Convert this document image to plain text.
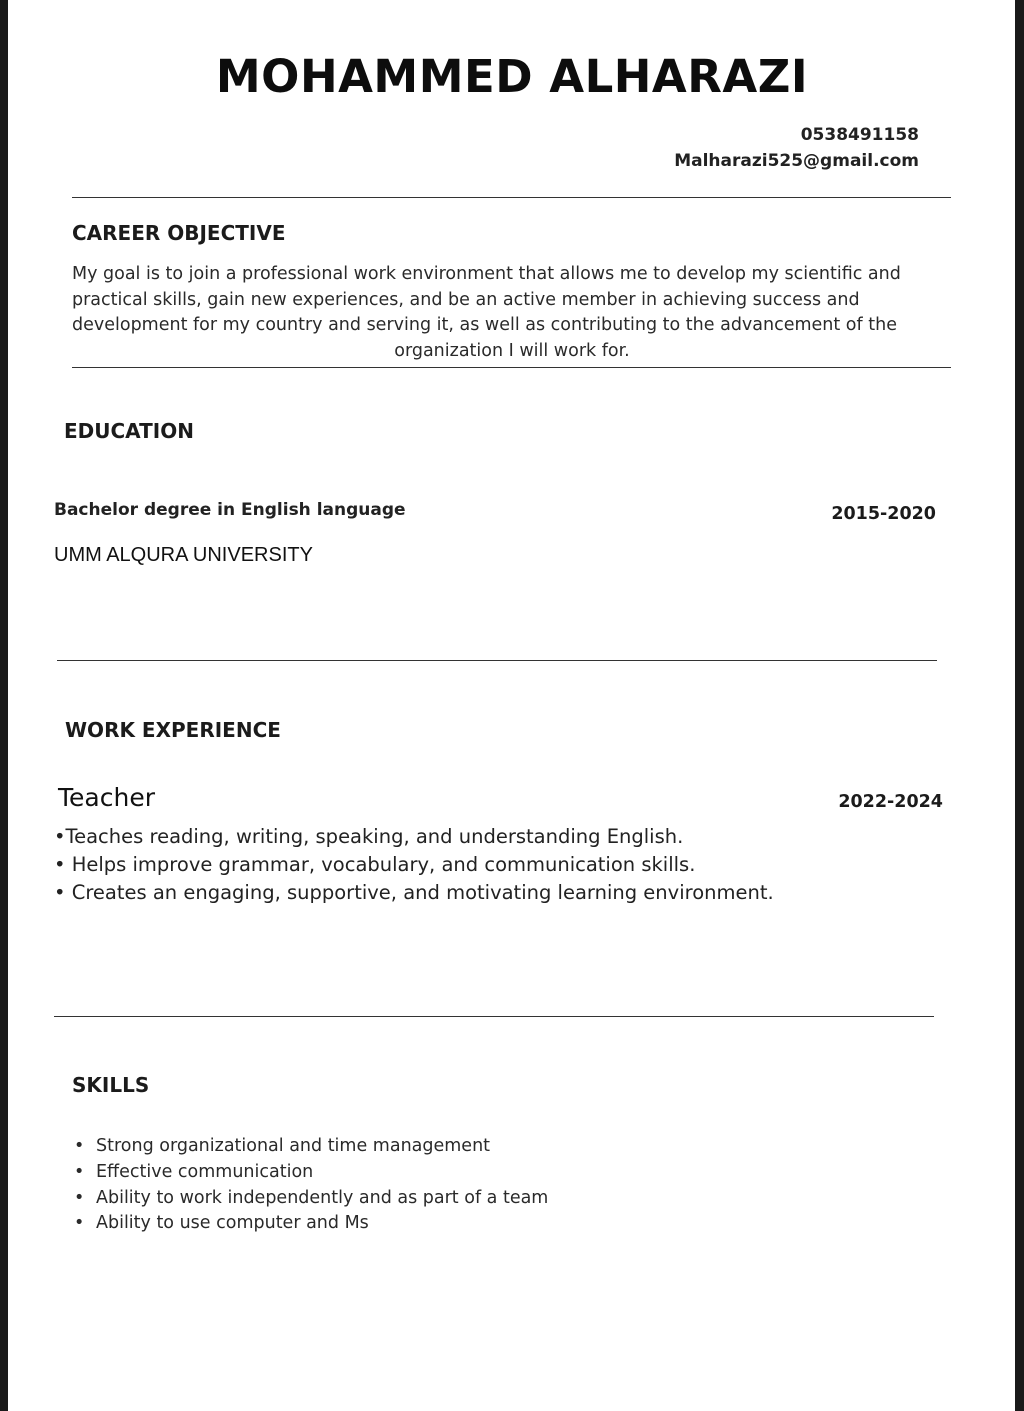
MOHAMMED ALHARAZI
0538491158
Malharazi525@gmail.com
CAREER OBJECTIVE
My goal is to join a professional work environment that allows me to develop my scientific and
practical skills, gain new experiences, and be an active member in achieving success and
development for my country and serving it, as well as contributing to the advancement of the
organization I will work for.
EDUCATION
Bachelor degree in English language	2015-2020
UMM ALQURA UNIVERSITY
WORK EXPERIENCE
Teacher	2022-2024
•Teaches reading, writing, speaking, and understanding English.
• Helps improve grammar, vocabulary, and communication skills.
• Creates an engaging, supportive, and motivating learning environment.
SKILLS
• Strong organizational and time management
• Effective communication
• Ability to work independently and as part of a team
• Ability to use computer and Ms
